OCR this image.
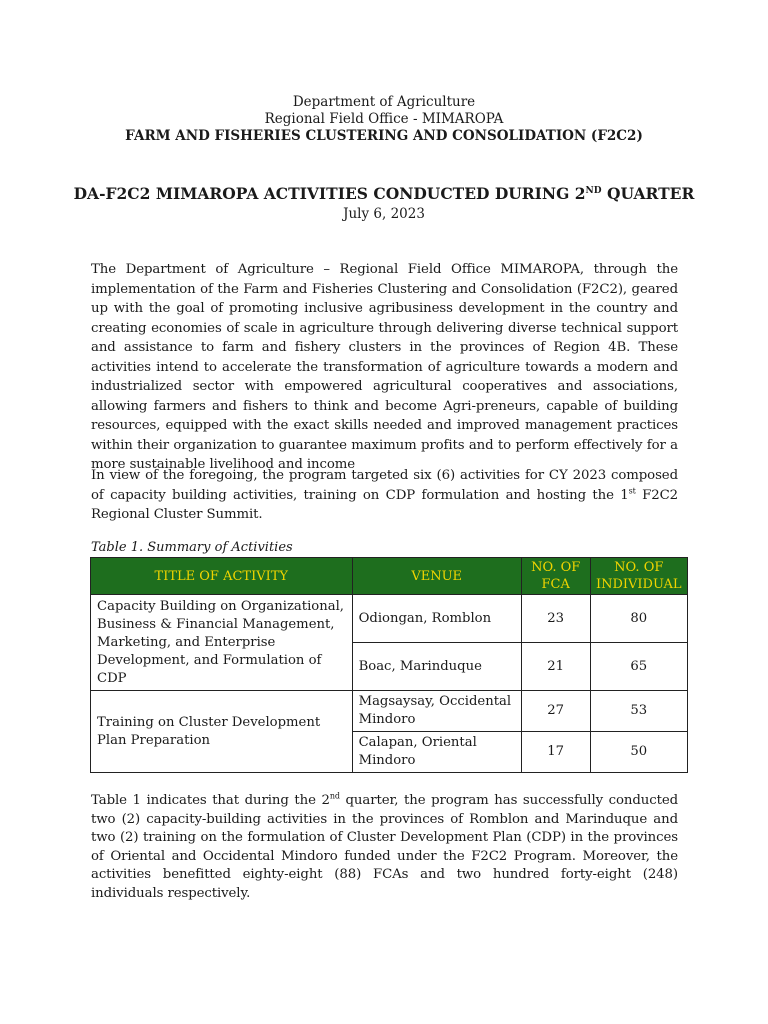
Department of Agriculture
Regional Field Office - MIMAROPA
FARM AND FISHERIES CLUSTERING AND CONSOLIDATION (F2C2)
DA-F2C2 MIMAROPA ACTIVITIES CONDUCTED DURING 2ND QUARTER
July 6, 2023
The Department of Agriculture – Regional Field Office MIMAROPA, through the implementation of the Farm and Fisheries Clustering and Consolidation (F2C2), geared up with the goal of promoting inclusive agribusiness development in the country and creating economies of scale in agriculture through delivering diverse technical support and assistance to farm and fishery clusters in the provinces of Region 4B. These activities intend to accelerate the transformation of agriculture towards a modern and industrialized sector with empowered agricultural cooperatives and associations, allowing farmers and fishers to think and become Agri-preneurs, capable of building resources, equipped with the exact skills needed and improved management practices within their organization to guarantee maximum profits and to perform effectively for a more sustainable livelihood and income
In view of the foregoing, the program targeted six (6) activities for CY 2023 composed of capacity building activities, training on CDP formulation and hosting the 1st F2C2 Regional Cluster Summit.
Table 1. Summary of Activities
TITLE OF ACTIVITY	VENUE	NO. OF FCA	NO. OF INDIVIDUAL
Capacity Building on Organizational, Business & Financial Management, Marketing, and Enterprise Development, and Formulation of CDP	Odiongan, Romblon	23	80
	Boac, Marinduque	21	65
Training on Cluster Development Plan Preparation	Magsaysay, Occidental Mindoro	27	53
	Calapan, Oriental Mindoro	17	50
Table 1 indicates that during the 2nd quarter, the program has successfully conducted two (2) capacity-building activities in the provinces of Romblon and Marinduque and two (2) training on the formulation of Cluster Development Plan (CDP) in the provinces of Oriental and Occidental Mindoro funded under the F2C2 Program. Moreover, the activities benefitted eighty-eight (88) FCAs and two hundred forty-eight (248) individuals respectively.
